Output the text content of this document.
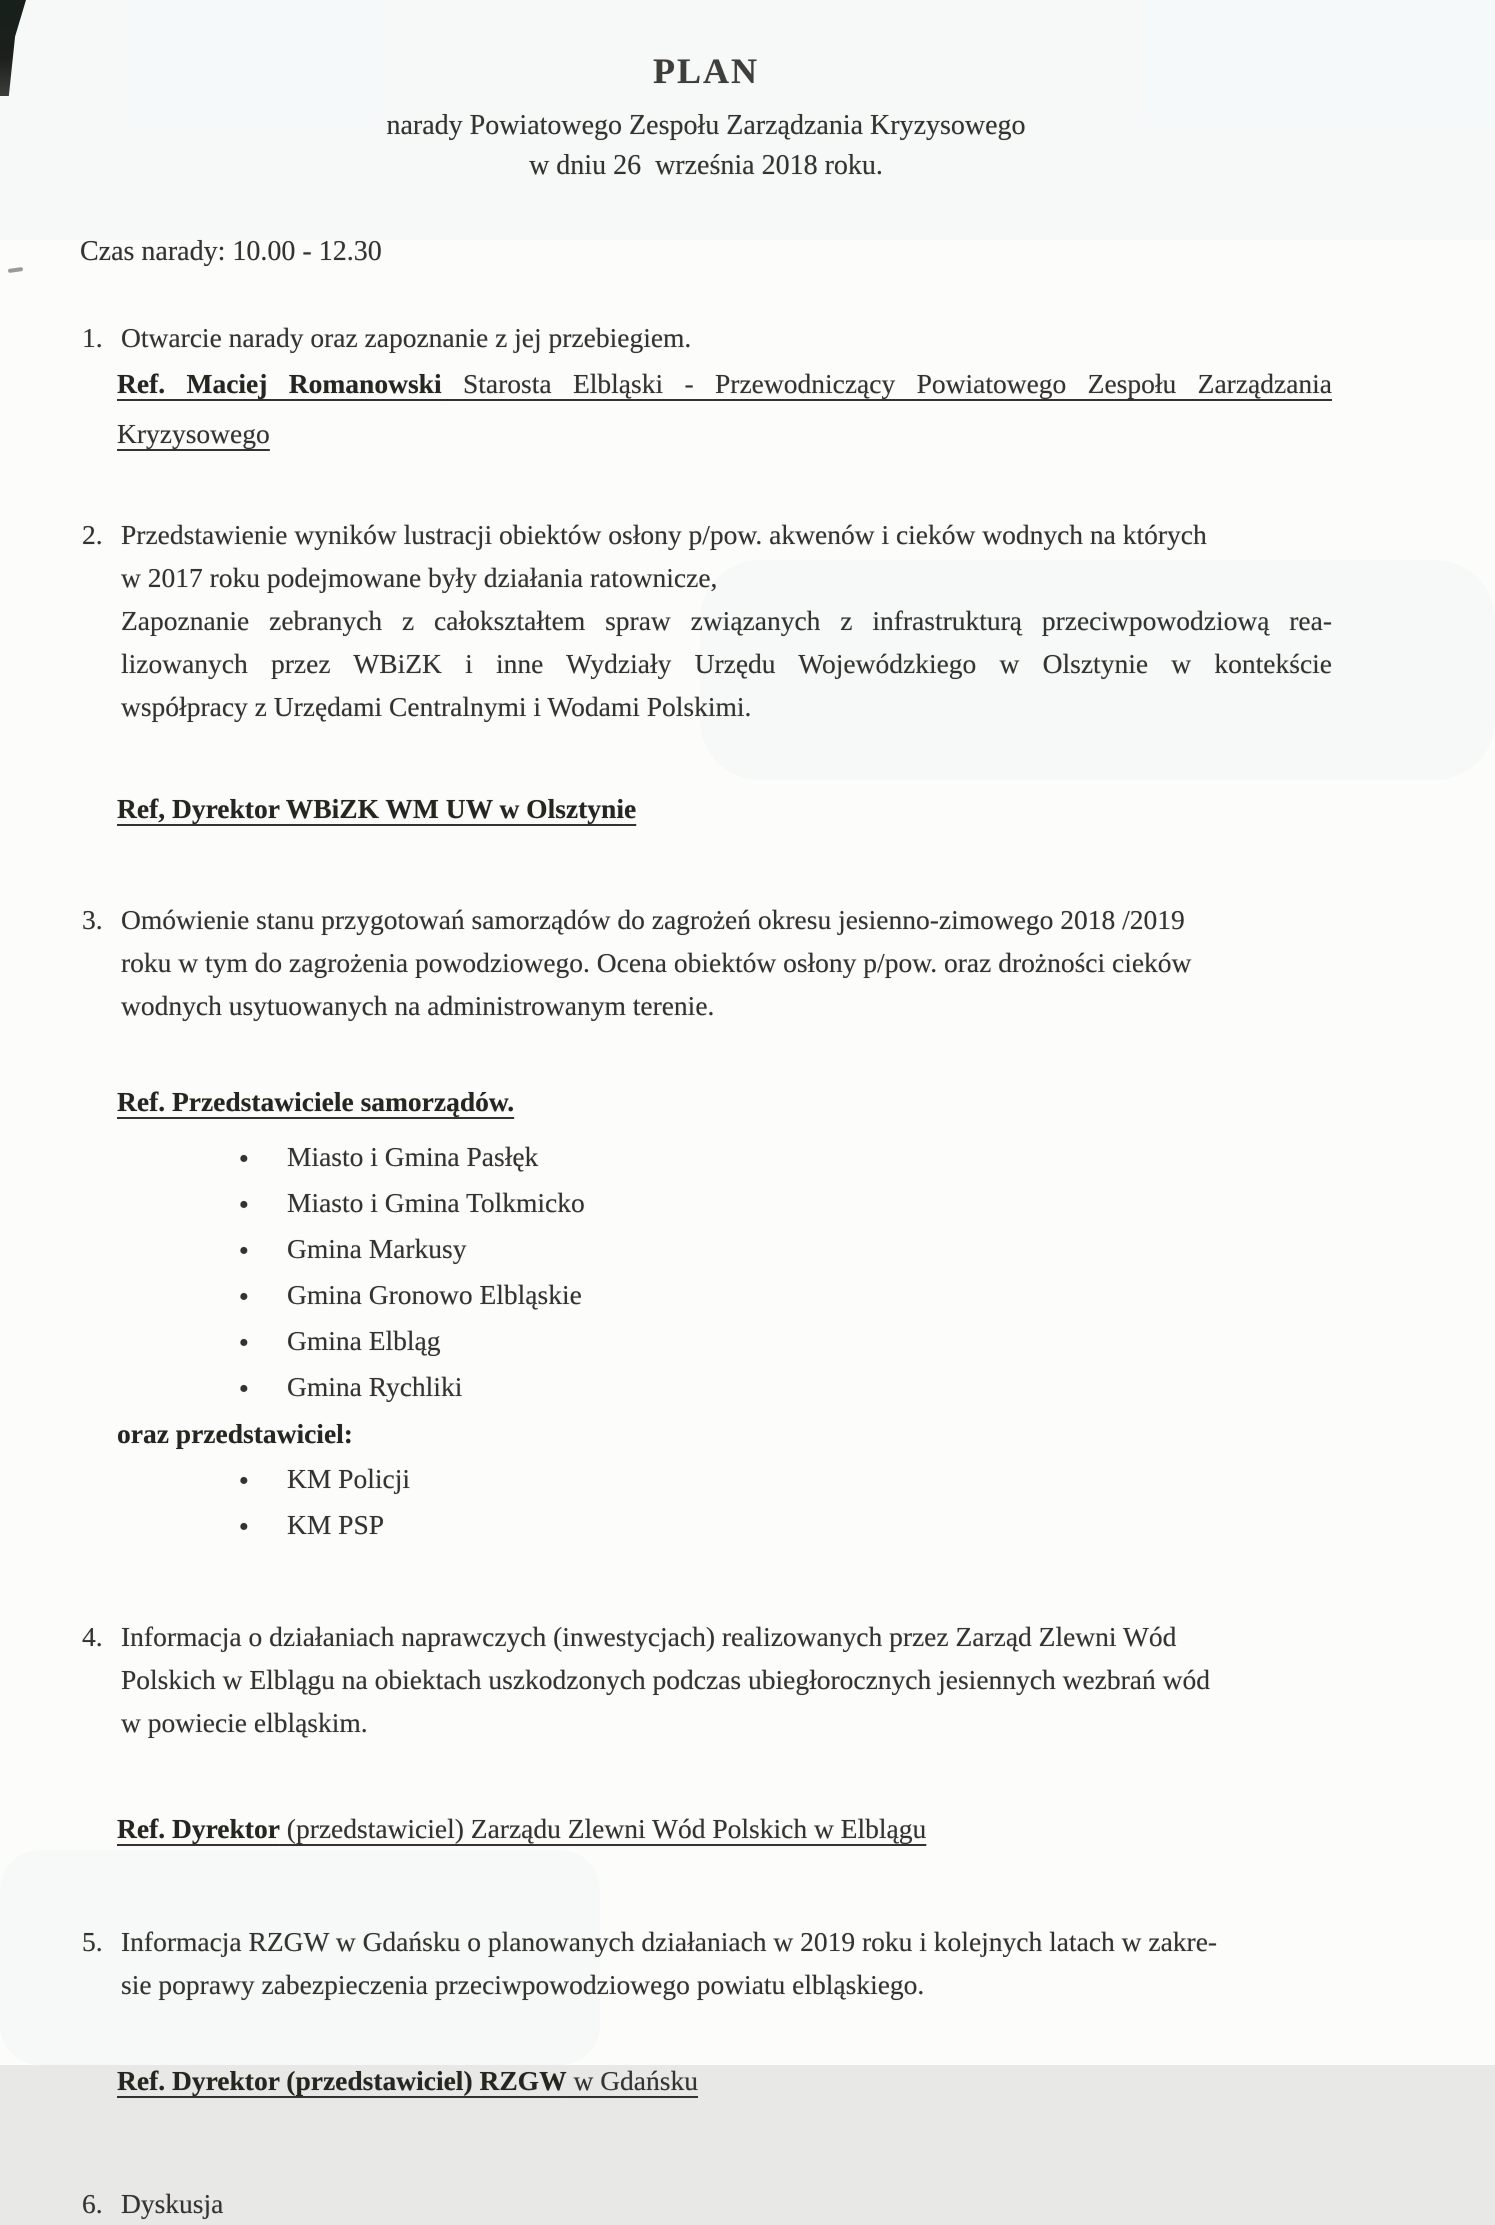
PLAN
narady Powiatowego Zespołu Zarządzania Kryzysowego
w dniu 26  września 2018 roku.
Czas narady: 10.00 - 12.30
1. Otwarcie narady oraz zapoznanie z jej przebiegiem.
Ref. Maciej Romanowski Starosta Elbląski - Przewodniczący Powiatowego Zespołu Zarządzania
Kryzysowego
2. Przedstawienie wyników lustracji obiektów osłony p/pow. akwenów i cieków wodnych na których
w 2017 roku podejmowane były działania ratownicze,
Zapoznanie zebranych z całokształtem spraw związanych z infrastrukturą przeciwpowodziową rea-
lizowanych przez WBiZK i inne Wydziały Urzędu Wojewódzkiego w Olsztynie w kontekście
współpracy z Urzędami Centralnymi i Wodami Polskimi.
Ref, Dyrektor WBiZK WM UW w Olsztynie
3. Omówienie stanu przygotowań samorządów do zagrożeń okresu jesienno-zimowego 2018 /2019
roku w tym do zagrożenia powodziowego. Ocena obiektów osłony p/pow. oraz drożności cieków
wodnych usytuowanych na administrowanym terenie.
Ref. Przedstawiciele samorządów.
● Miasto i Gmina Pasłęk
● Miasto i Gmina Tolkmicko
● Gmina Markusy
● Gmina Gronowo Elbląskie
● Gmina Elbląg
● Gmina Rychliki
oraz przedstawiciel:
● KM Policji
● KM PSP
4. Informacja o działaniach naprawczych (inwestycjach) realizowanych przez Zarząd Zlewni Wód
Polskich w Elblągu na obiektach uszkodzonych podczas ubiegłorocznych jesiennych wezbrań wód
w powiecie elbląskim.
Ref. Dyrektor (przedstawiciel) Zarządu Zlewni Wód Polskich w Elblągu
5. Informacja RZGW w Gdańsku o planowanych działaniach w 2019 roku i kolejnych latach w zakre-
sie poprawy zabezpieczenia przeciwpowodziowego powiatu elbląskiego.
Ref. Dyrektor (przedstawiciel) RZGW w Gdańsku
6. Dyskusja
